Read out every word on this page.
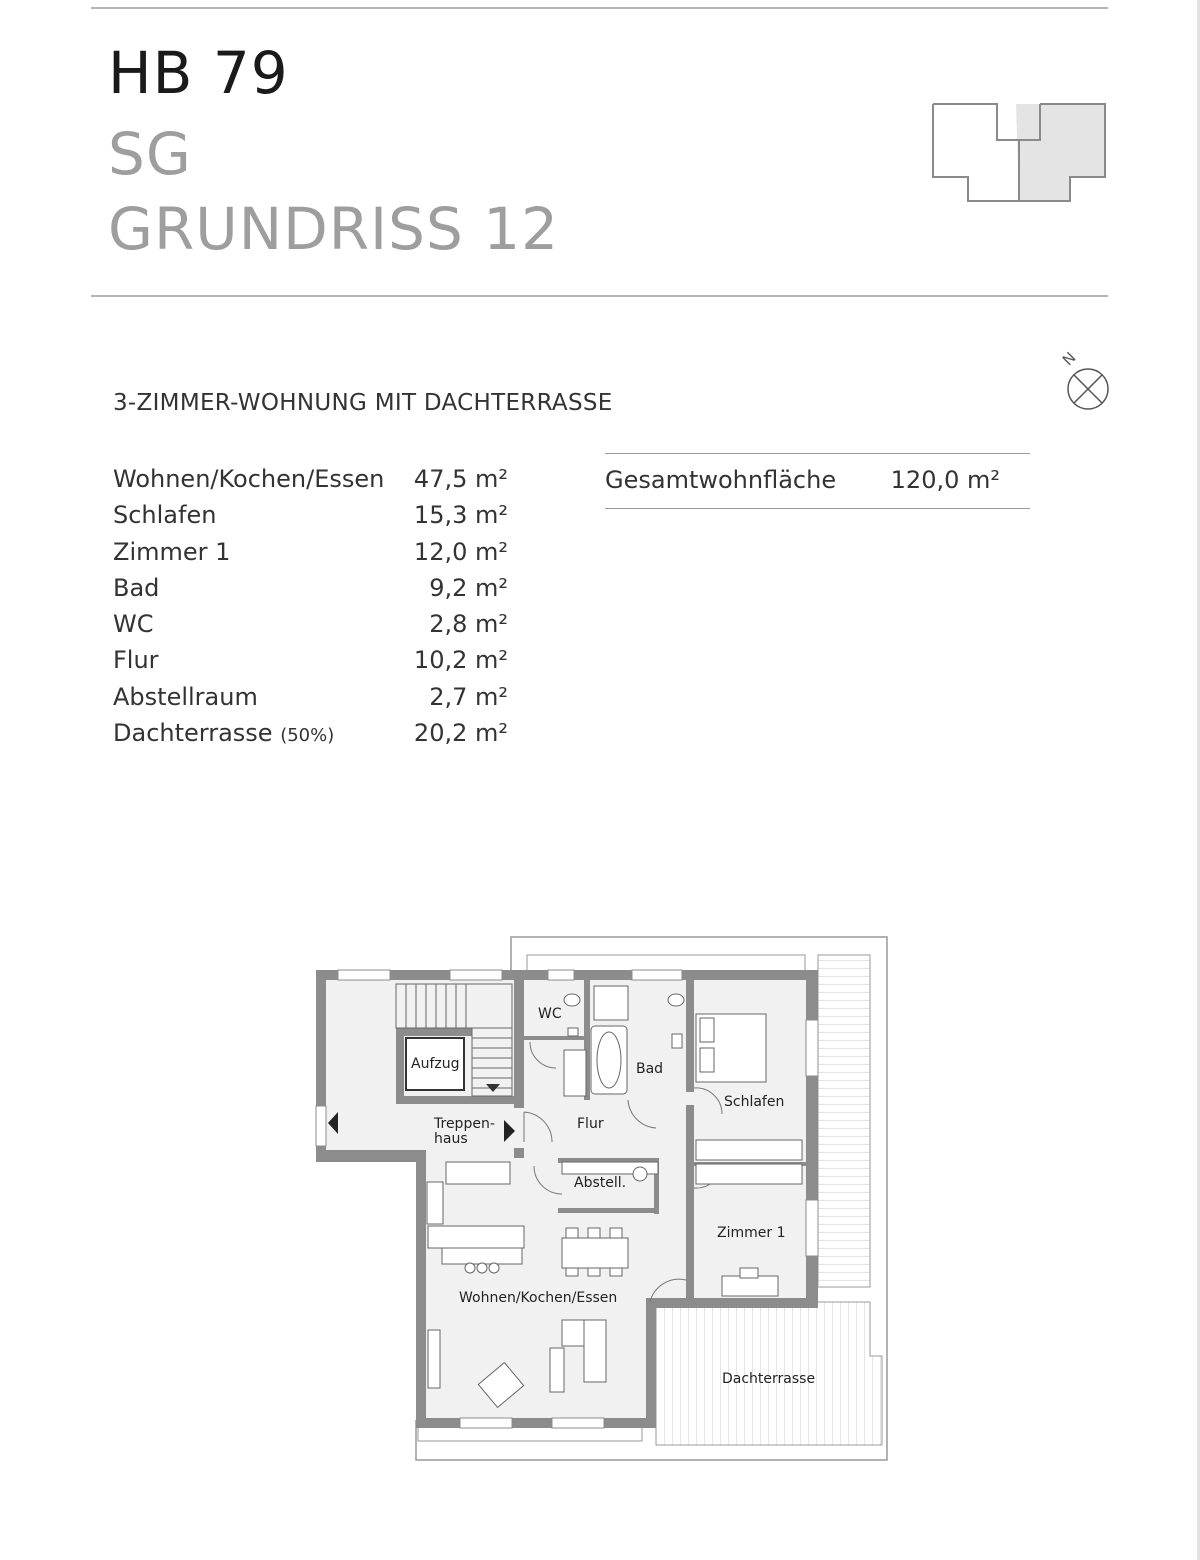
HB 79
SG
GRUNDRISS 12
N
3-ZIMMER-WOHNUNG MIT DACHTERRASSE
Wohnen/Kochen/Essen 47,5 m²
Schlafen	15,3 m²
Zimmer 1	12,0 m²
Bad	9,2 m²
WC	2,8 m²
Flur	10,2 m²
Abstellraum	2,7 m²
Dachterrasse (50%)	20,2 m²
Gesamtwohnfläche 120,0 m²
WC
Aufzug	Bad
Schlafen
Treppen-
haus
Flur
Abstell.
Zimmer 1
Wohnen/Kochen/Essen
Dachterrasse
